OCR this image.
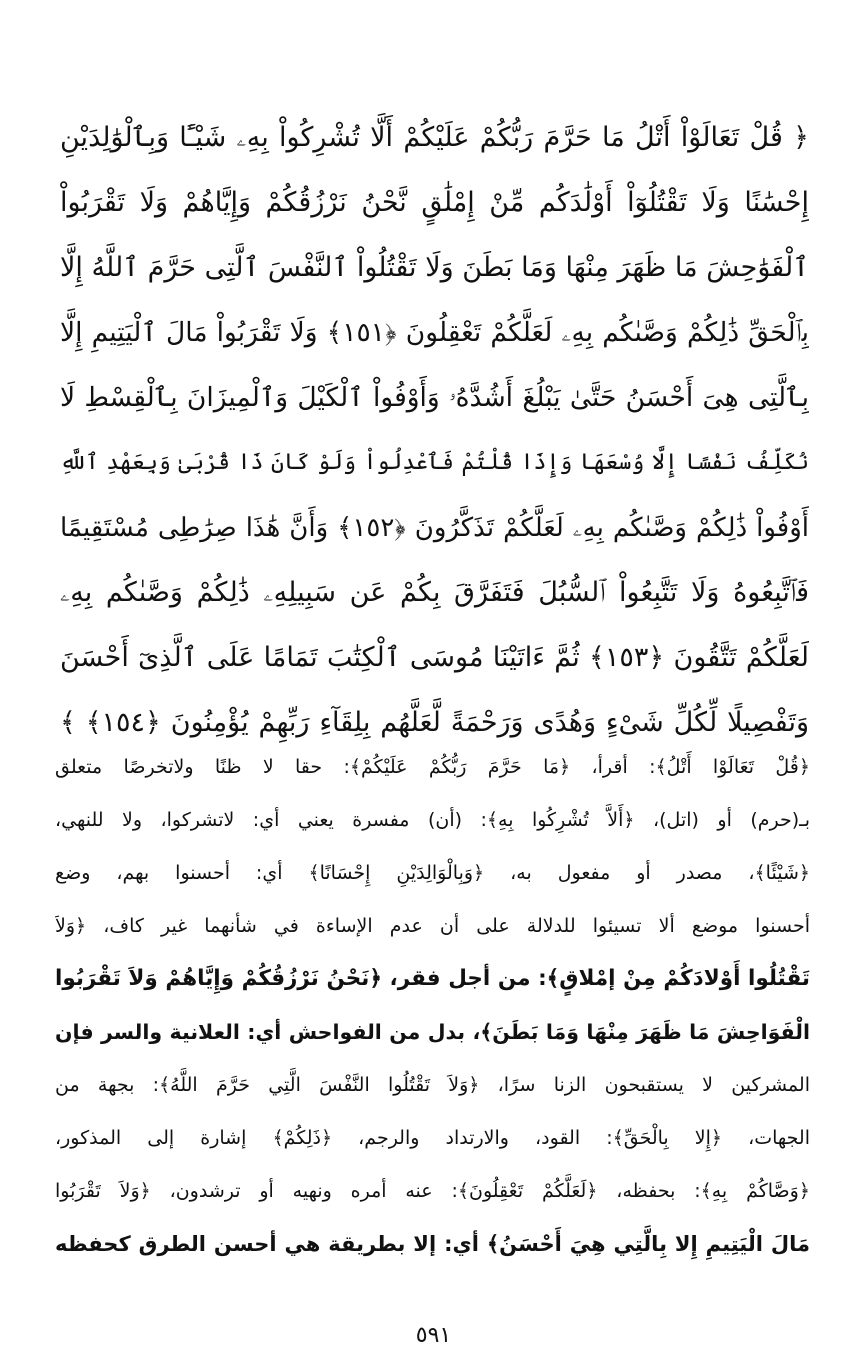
﴿ قُلْ تَعَالَوْاْ أَتْلُ مَا حَرَّمَ رَبُّكُمْ عَلَيْكُمْ أَلَّا تُشْرِكُواْ بِهِۦ شَيْـًٔا وَبِٱلْوَٰلِدَيْنِ
إِحْسَٰنًا وَلَا تَقْتُلُوٓاْ أَوْلَٰدَكُم مِّنْ إِمْلَٰقٍ نَّحْنُ نَرْزُقُكُمْ وَإِيَّاهُمْ وَلَا تَقْرَبُواْ
ٱلْفَوَٰحِشَ مَا ظَهَرَ مِنْهَا وَمَا بَطَنَ وَلَا تَقْتُلُواْ ٱلنَّفْسَ ٱلَّتِى حَرَّمَ ٱللَّهُ إِلَّا
بِٱلْحَقِّ ذَٰلِكُمْ وَصَّىٰكُم بِهِۦ لَعَلَّكُمْ تَعْقِلُونَ ﴿١٥١﴾ وَلَا تَقْرَبُواْ مَالَ ٱلْيَتِيمِ إِلَّا
بِٱلَّتِى هِىَ أَحْسَنُ حَتَّىٰ يَبْلُغَ أَشُدَّهُۥ وَأَوْفُواْ ٱلْكَيْلَ وَٱلْمِيزَانَ بِٱلْقِسْطِ لَا
نُكَلِّفُ نَفْسًا إِلَّا وُسْعَهَا وَإِذَا قُلْتُمْ فَٱعْدِلُواْ وَلَوْ كَانَ ذَا قُرْبَىٰ وَبِعَهْدِ ٱللَّهِ
أَوْفُواْ ذَٰلِكُمْ وَصَّىٰكُم بِهِۦ لَعَلَّكُمْ تَذَكَّرُونَ ﴿١٥٢﴾ وَأَنَّ هَٰذَا صِرَٰطِى مُسْتَقِيمًا
فَٱتَّبِعُوهُ وَلَا تَتَّبِعُواْ ٱلسُّبُلَ فَتَفَرَّقَ بِكُمْ عَن سَبِيلِهِۦ ذَٰلِكُمْ وَصَّىٰكُم بِهِۦ
لَعَلَّكُمْ تَتَّقُونَ ﴿١٥٣﴾ ثُمَّ ءَاتَيْنَا مُوسَى ٱلْكِتَٰبَ تَمَامًا عَلَى ٱلَّذِىٓ أَحْسَنَ
وَتَفْصِيلًا لِّكُلِّ شَىْءٍ وَهُدًى وَرَحْمَةً لَّعَلَّهُم بِلِقَآءِ رَبِّهِمْ يُؤْمِنُونَ ﴿١٥٤﴾ ﴾
﴿قُلْ تَعَالَوْا أَتْلُ﴾: أقرأ، ﴿مَا حَرَّمَ رَبُّكُمْ عَلَيْكُمْ﴾: حقا لا ظنًا ولاتخرصًا متعلق
بـ(حرم) أو (اتل)، ﴿أَلاَّ تُشْرِكُوا بِهِ﴾: (أن) مفسرة يعني أي: لاتشركوا، ولا للنهي،
﴿شَيْئًا﴾، مصدر أو مفعول به، ﴿وَبِالْوَالِدَيْنِ إِحْسَانًا﴾ أي: أحسنوا بهم، وضع
أحسنوا موضع ألا تسيئوا للدلالة على أن عدم الإساءة في شأنهما غير كاف، ﴿وَلاَ
تَقْتُلُوا أَوْلادَكُمْ مِنْ إمْلاقٍ﴾: من أجل فقر، ﴿نَحْنُ نَرْزُقُكُمْ وَإِيَّاهُمْ وَلاَ تَقْرَبُوا
الْفَوَاحِشَ مَا ظَهَرَ مِنْهَا وَمَا بَطَنَ﴾، بدل من الفواحش أي: العلانية والسر فإن
المشركين لا يستقبحون الزنا سرًا، ﴿وَلاَ تَقْتُلُوا النَّفْسَ الَّتِي حَرَّمَ اللَّهُ﴾: بجهة من
الجهات، ﴿إِلا بِالْحَقِّ﴾: القود، والارتداد والرجم، ﴿ذَلِكُمْ﴾ إشارة إلى المذكور،
﴿وَصَّاكُمْ بِهِ﴾: بحفظه، ﴿لَعَلَّكُمْ تَعْقِلُونَ﴾: عنه أمره ونهيه أو ترشدون، ﴿وَلاَ تَقْرَبُوا
مَالَ الْيَتِيمِ إِلا بِالَّتِي هِيَ أَحْسَنُ﴾ أي: إلا بطريقة هي أحسن الطرق كحفظه
٥٩١
